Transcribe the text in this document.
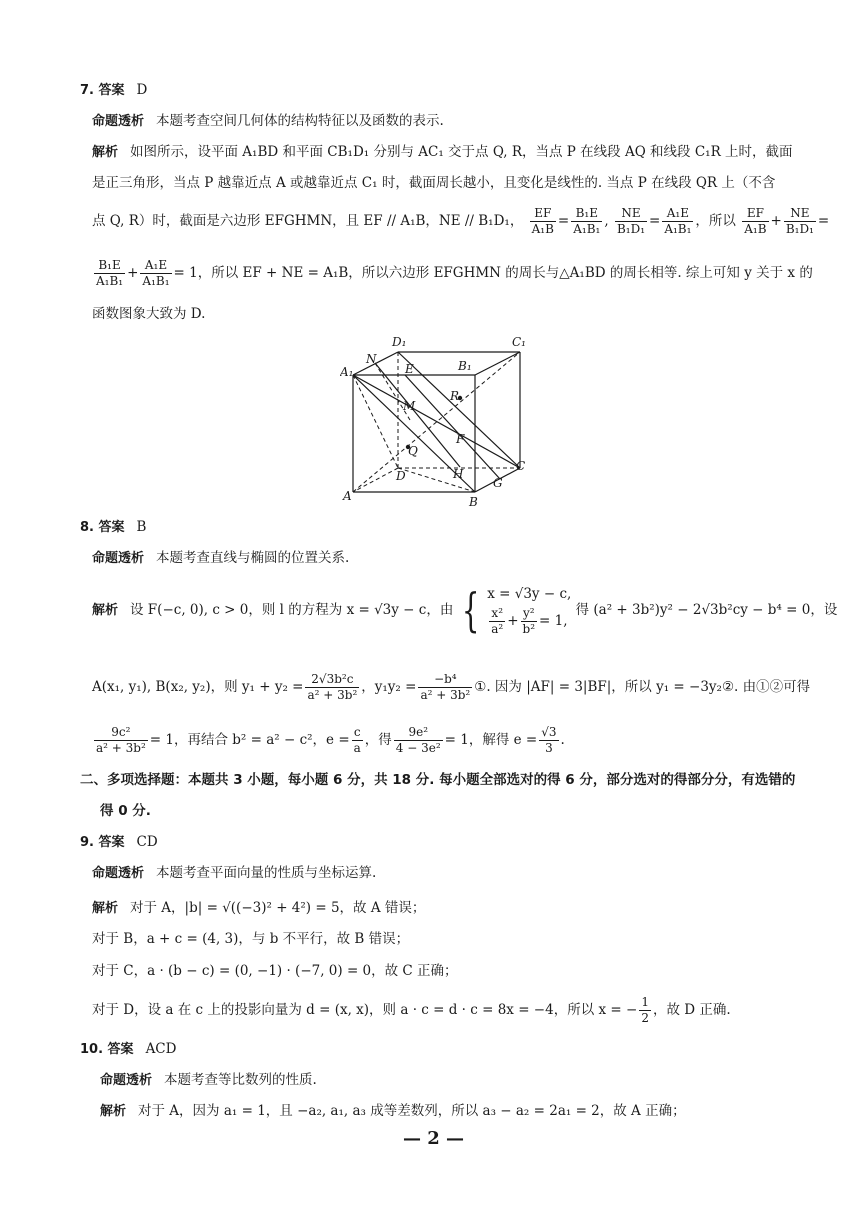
7. 答案 D
命题透析 本题考查空间几何体的结构特征以及函数的表示.
解析 如图所示，设平面 A₁BD 和平面 CB₁D₁ 分别与 AC₁ 交于点 Q, R，当点 P 在线段 AQ 和线段 C₁R 上时，截面
是正三角形，当点 P 越靠近点 A 或越靠近点 C₁ 时，截面周长越小，且变化是线性的. 当点 P 在线段 QR 上（不含
点 Q, R）时，截面是六边形 EFGHMN，且 EF // A₁B，NE // B₁D₁， $\frac{EF}{\text{A₁B}} = \frac{\text{B₁E}}{\text{A₁B₁}}$ , $\frac{NE}{\text{B₁D₁}} = \frac{\text{A₁E}}{\text{A₁B₁}}$ ，所以 $\frac{EF}{\text{A₁B}} + \frac{NE}{\text{B₁D₁}}$ =
$\frac{\text{B₁E}}{\text{A₁B₁}} + \frac{\text{A₁E}}{\text{A₁B₁}} = 1$，所以 EF + NE = A₁B，所以六边形 EFGHMN 的周长与△A₁BD 的周长相等. 综上可知 y 关于 x 的
函数图象大致为 D.
D₁	C₁
N	B₁
A₁	E
R
M
F
Q
C
D	H
G
A	B
8. 答案 B
命题透析 本题考查直线与椭圆的位置关系.
解析 设 F(−c, 0), c > 0，则 l 的方程为 x = √3y − c，由 { x = √3y − c,
$\frac{\text{x²}}{\text{a²}} + \frac{\text{y²}}{\text{b²}} = 1$,
得 (a² + 3b²)y² − 2√3b²cy − b⁴ = 0，设
A(x₁, y₁), B(x₂, y₂)，则 $y_1 + y_2 = \frac{\text{2√3b²c}}{\text{a² + 3b²}}$ ，$y_1y_2 = \frac{\text{−b⁴}}{\text{a² + 3b²}}$ ①. 因为 |AF| = 3|BF|，所以 y₁ = −3y₂②. 由①②可得
$\frac{\text{9c²}}{\text{a² + 3b²}} = 1$，再结合 b² = a² − c²，$e = \frac{c}{a}$ ，得 $\frac{\text{9e²}}{\text{4 − 3e²}} = 1$，解得 $e = \frac{√3}{3}$ .
二、多项选择题：本题共 3 小题，每小题 6 分，共 18 分. 每小题全部选对的得 6 分，部分选对的得部分分，有选错的
得 0 分.
9. 答案 CD
命题透析 本题考查平面向量的性质与坐标运算.
解析 对于 A，|b| = √((−3)² + 4²) = 5，故 A 错误；
对于 B，a + c = (4, 3)，与 b 不平行，故 B 错误；
对于 C，a · (b − c) = (0, −1) · (−7, 0) = 0，故 C 正确；
对于 D，设 a 在 c 上的投影向量为 d = (x, x)，则 a · c = d · c = 8x = −4，所以 x = − $\frac{1}{2}$ ，故 D 正确.
10. 答案 ACD
命题透析 本题考查等比数列的性质.
解析 对于 A，因为 a₁ = 1，且 −a₂, a₁, a₃ 成等差数列，所以 a₃ − a₂ = 2a₁ = 2，故 A 正确；
— 2 —
